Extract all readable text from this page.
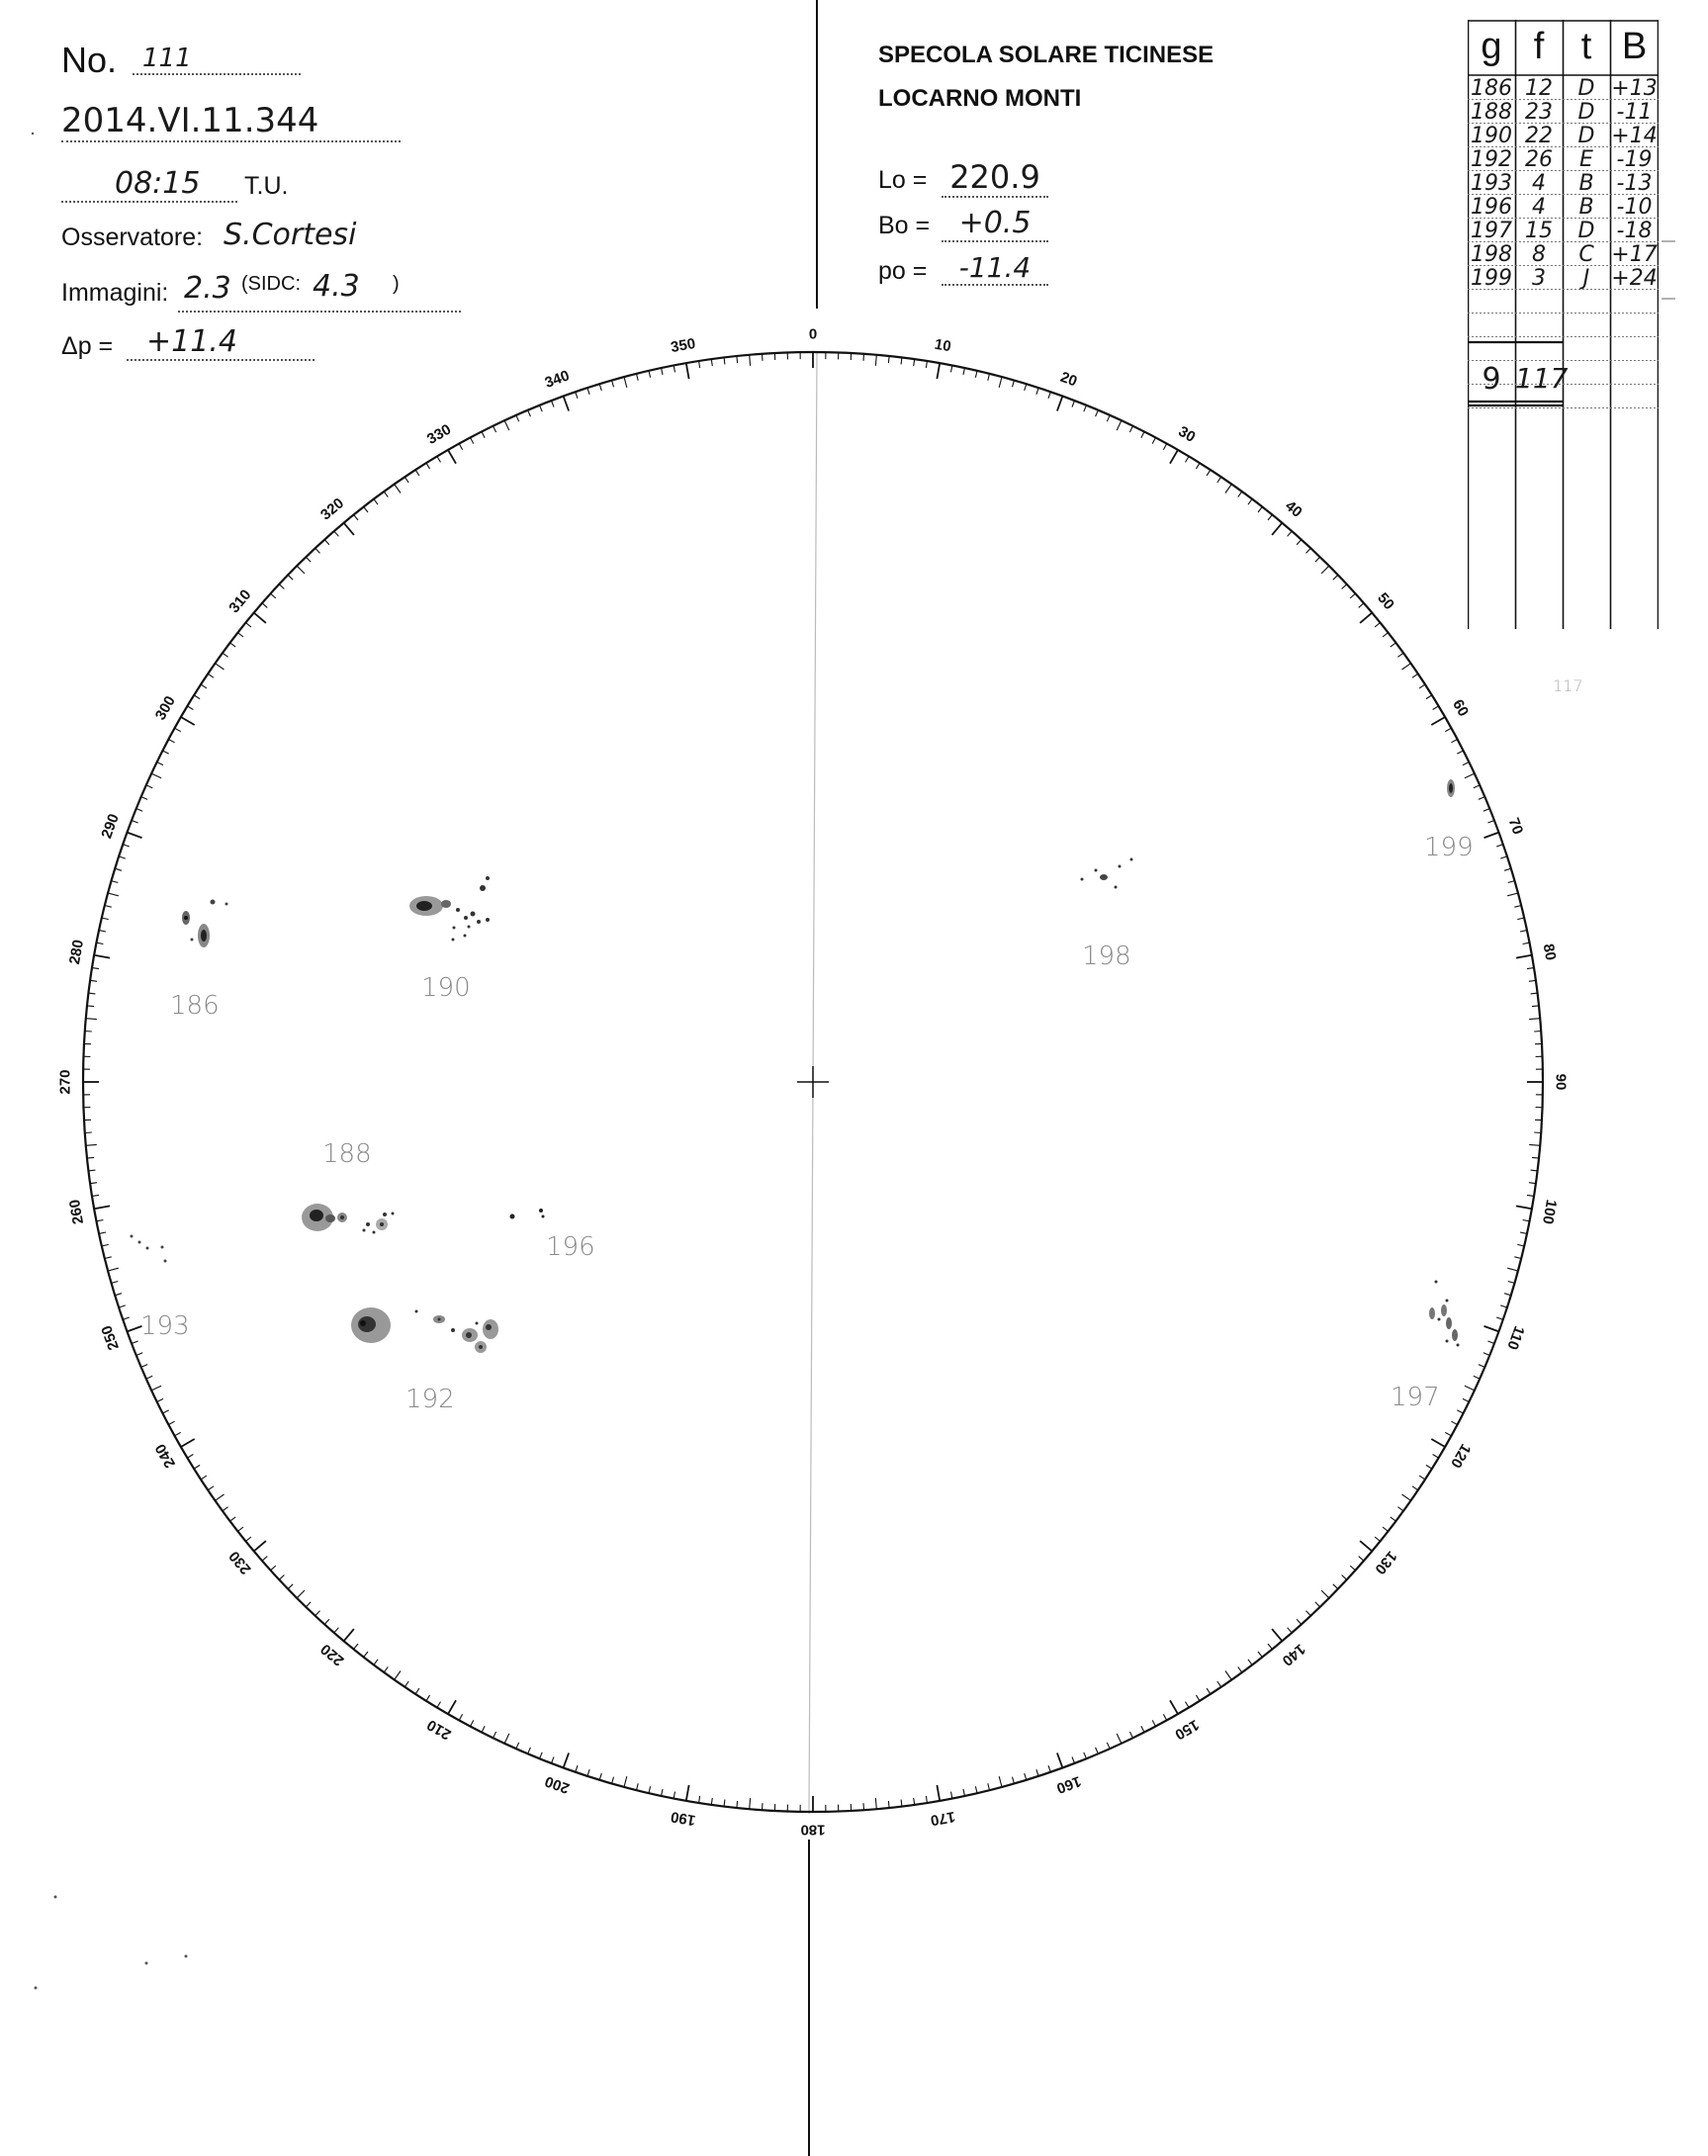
0
10
20
30
40
50
60
70
80
90
100
110
120
130
140
150
160
170
180
190
200
210
220
230
240
250
260
270
280
290
300
310
320
330
340
350
No. 111
2014.VI.11.344
08:15	T.U.
Osservatore: S.Cortesi
Immagini: 2.3 (SIDC: 4.3 )
Δp =	+11.4
SPECOLA SOLARE TICINESE
LOCARNO MONTI
Lo = 220.9
Bo = +0.5
po =	-11.4
g f t B
186 12	D +13
188 23	D	-11
190 22	D +14
192 26	E	-19
193 4	B	-13
196 4	B	-10
197 15	D	-18
198 8	C +17
199 3	J	+24
9 117
117
186
188
190
192
193
196
197
198
199
